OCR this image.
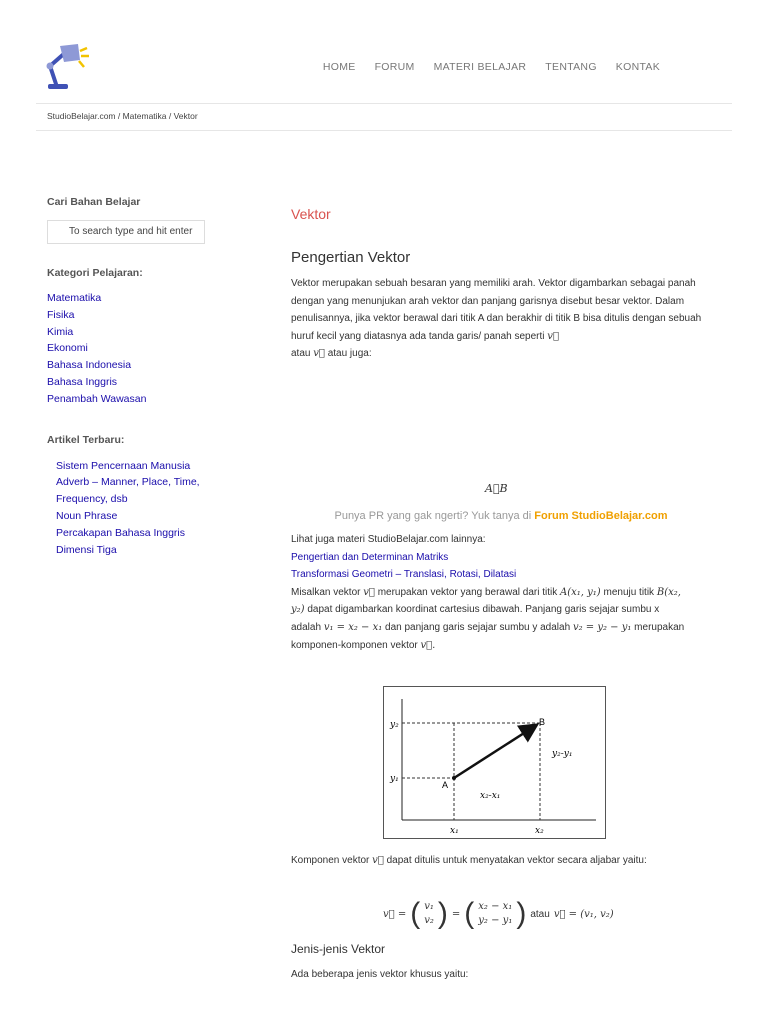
HOME FORUM MATERI BELAJAR TENTANG KONTAK
StudioBelajar.com / Matematika / Vektor
Cari Bahan Belajar
To search type and hit enter
Kategori Pelajaran:
Matematika
Fisika
Kimia
Ekonomi
Bahasa Indonesia
Bahasa Inggris
Penambah Wawasan
Artikel Terbaru:
Sistem Pencernaan Manusia
Adverb – Manner, Place, Time, Frequency, dsb
Noun Phrase
Percakapan Bahasa Inggris
Dimensi Tiga
Vektor
Pengertian Vektor
Vektor merupakan sebuah besaran yang memiliki arah. Vektor digambarkan sebagai panah dengan yang menunjukan arah vektor dan panjang garisnya disebut besar vektor. Dalam penulisannya, jika vektor berawal dari titik A dan berakhir di titik B bisa ditulis dengan sebuah huruf kecil yang diatasnya ada tanda garis/ panah seperti v⃗
atau v⃗ atau juga:
A⃗B
Punya PR yang gak ngerti? Yuk tanya di Forum StudioBelajar.com
Lihat juga materi StudioBelajar.com lainnya:
Pengertian dan Determinan Matriks
Transformasi Geometri – Translasi, Rotasi, Dilatasi
Misalkan vektor v⃗ merupakan vektor yang berawal dari titik A(x₁, y₁) menuju titik B(x₂, y₂) dapat digambarkan koordinat cartesius dibawah. Panjang garis sejajar sumbu x adalah v₁ = x₂ − x₁ dan panjang garis sejajar sumbu y adalah v₂ = y₂ − y₁ merupakan komponen-komponen vektor v⃗.
y₂
y₁
x₁	x₂
A
B
x₂-x₁
y₂-y₁
Komponen vektor v⃗ dapat ditulis untuk menyatakan vektor secara aljabar yaitu:
v⃗ = ( v₁
v₂ ) = ( x₂ − x₁
y₂ − y₁ ) atau v⃗ = (v₁, v₂)
Jenis-jenis Vektor
Ada beberapa jenis vektor khusus yaitu:
